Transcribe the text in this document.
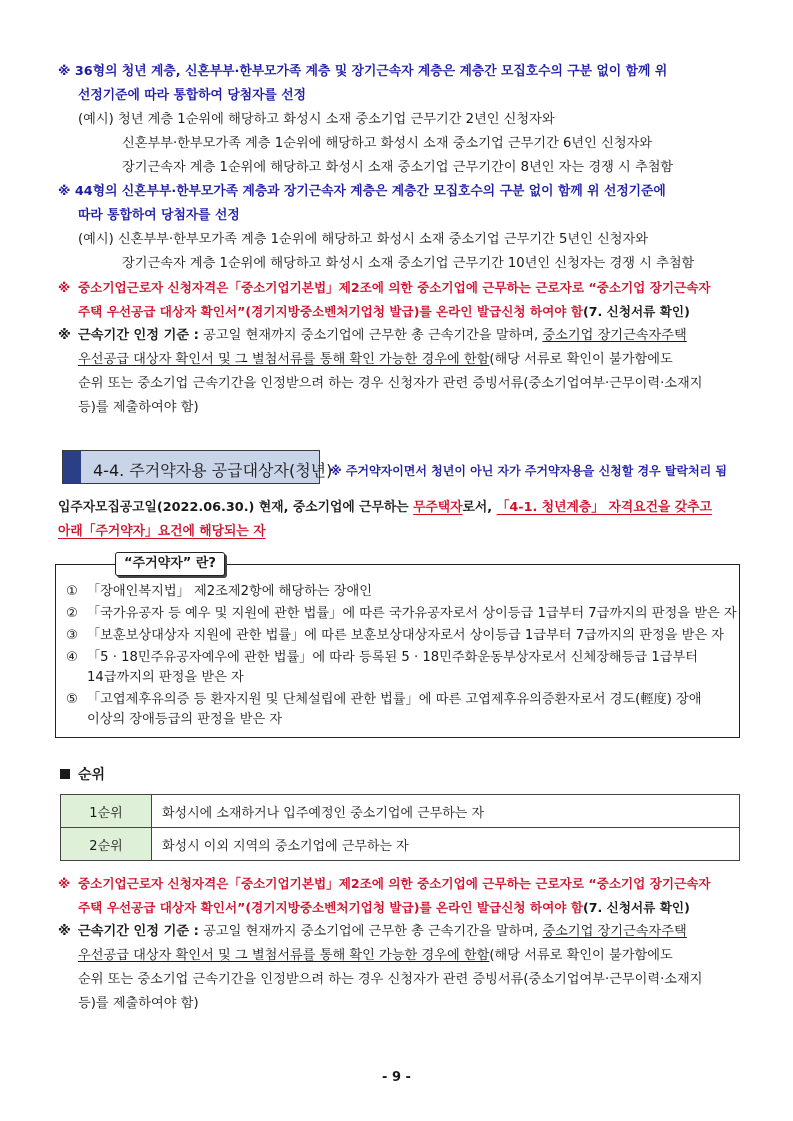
※ 36형의 청년 계층, 신혼부부·한부모가족 계층 및 장기근속자 계층은 계층간 모집호수의 구분 없이 함께 위
선정기준에 따라 통합하여 당첨자를 선정
(예시) 청년 계층 1순위에 해당하고 화성시 소재 중소기업 근무기간 2년인 신청자와
신혼부부·한부모가족 계층 1순위에 해당하고 화성시 소재 중소기업 근무기간 6년인 신청자와
장기근속자 계층 1순위에 해당하고 화성시 소재 중소기업 근무기간이 8년인 자는 경쟁 시 추첨함
※ 44형의 신혼부부·한부모가족 계층과 장기근속자 계층은 계층간 모집호수의 구분 없이 함께 위 선정기준에
따라 통합하여 당첨자를 선정
(예시) 신혼부부·한부모가족 계층 1순위에 해당하고 화성시 소재 중소기업 근무기간 5년인 신청자와
장기근속자 계층 1순위에 해당하고 화성시 소재 중소기업 근무기간 10년인 신청자는 경쟁 시 추첨함
※ 중소기업근로자 신청자격은「중소기업기본법」제2조에 의한 중소기업에 근무하는 근로자로 “중소기업 장기근속자
주택 우선공급 대상자 확인서”(경기지방중소벤처기업청 발급)를 온라인 발급신청 하여야 함(7. 신청서류 확인)
※ 근속기간 인정 기준 : 공고일 현재까지 중소기업에 근무한 총 근속기간을 말하며, 중소기업 장기근속자주택
우선공급 대상자 확인서 및 그 별첨서류를 통해 확인 가능한 경우에 한함(해당 서류로 확인이 불가함에도
순위 또는 중소기업 근속기간을 인정받으려 하는 경우 신청자가 관련 증빙서류(중소기업여부·근무이력·소재지
등)를 제출하여야 함)
4-4. 주거약자용 공급대상자(청년)
※ 주거약자이면서 청년이 아닌 자가 주거약자용을 신청할 경우 탈락처리 됨
입주자모집공고일(2022.06.30.) 현재, 중소기업에 근무하는 무주택자로서, 「4-1. 청년계층」 자격요건을 갖추고
아래「주거약자」요건에 해당되는 자
“주거약자” 란?
① 「장애인복지법」 제2조제2항에 해당하는 장애인
② 「국가유공자 등 예우 및 지원에 관한 법률」에 따른 국가유공자로서 상이등급 1급부터 7급까지의 판정을 받은 자
③ 「보훈보상대상자 지원에 관한 법률」에 따른 보훈보상대상자로서 상이등급 1급부터 7급까지의 판정을 받은 자
④ 「5 · 18민주유공자예우에 관한 법률」에 따라 등록된 5 · 18민주화운동부상자로서 신체장해등급 1급부터
14급까지의 판정을 받은 자
⑤ 「고엽제후유의증 등 환자지원 및 단체설립에 관한 법률」에 따른 고엽제후유의증환자로서 경도(輕度) 장애
이상의 장애등급의 판정을 받은 자
순위
1순위	화성시에 소재하거나 입주예정인 중소기업에 근무하는 자
2순위	화성시 이외 지역의 중소기업에 근무하는 자
※ 중소기업근로자 신청자격은「중소기업기본법」제2조에 의한 중소기업에 근무하는 근로자로 “중소기업 장기근속자
주택 우선공급 대상자 확인서”(경기지방중소벤처기업청 발급)를 온라인 발급신청 하여야 함(7. 신청서류 확인)
※ 근속기간 인정 기준 : 공고일 현재까지 중소기업에 근무한 총 근속기간을 말하며, 중소기업 장기근속자주택
우선공급 대상자 확인서 및 그 별첨서류를 통해 확인 가능한 경우에 한함(해당 서류로 확인이 불가함에도
순위 또는 중소기업 근속기간을 인정받으려 하는 경우 신청자가 관련 증빙서류(중소기업여부·근무이력·소재지
등)를 제출하여야 함)
- 9 -
